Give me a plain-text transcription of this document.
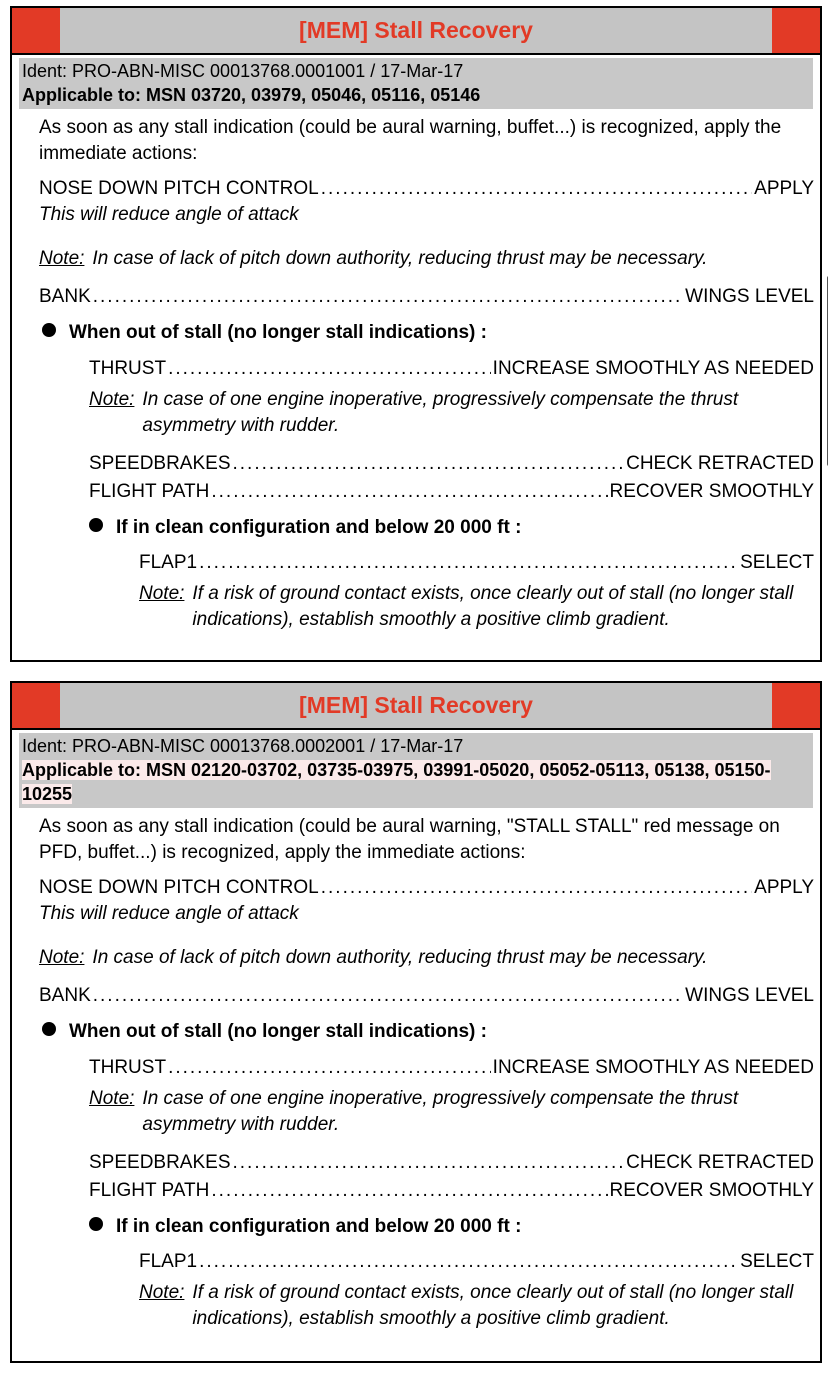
[MEM] Stall Recovery
Ident: PRO-ABN-MISC 00013768.0001001 / 17-Mar-17
Applicable to: MSN 03720, 03979, 05046, 05116, 05146

As soon as any stall indication (could be aural warning, buffet...) is recognized, apply the immediate actions:

NOSE DOWN PITCH CONTROL .....	APPLY
This will reduce angle of attack
Note: In case of lack of pitch down authority, reducing thrust may be necessary.
BANK .....	WINGS LEVEL
When out of stall (no longer stall indications) :
THRUST .....	INCREASE SMOOTHLY AS NEEDED
Note: In case of one engine inoperative, progressively compensate the thrust asymmetry with rudder.
SPEEDBRAKES .....	CHECK RETRACTED
FLIGHT PATH .....	RECOVER SMOOTHLY
If in clean configuration and below 20 000 ft :
FLAP1 .....	SELECT
Note: If a risk of ground contact exists, once clearly out of stall (no longer stall indications), establish smoothly a positive climb gradient.
[MEM] Stall Recovery
Ident: PRO-ABN-MISC 00013768.0002001 / 17-Mar-17
Applicable to: MSN 02120-03702, 03735-03975, 03991-05020, 05052-05113, 05138, 05150-10255

As soon as any stall indication (could be aural warning, "STALL STALL" red message on PFD, buffet...) is recognized, apply the immediate actions:

NOSE DOWN PITCH CONTROL .....	APPLY
This will reduce angle of attack
Note: In case of lack of pitch down authority, reducing thrust may be necessary.
BANK .....	WINGS LEVEL
When out of stall (no longer stall indications) :
THRUST .....	INCREASE SMOOTHLY AS NEEDED
Note: In case of one engine inoperative, progressively compensate the thrust asymmetry with rudder.
SPEEDBRAKES .....	CHECK RETRACTED
FLIGHT PATH .....	RECOVER SMOOTHLY
If in clean configuration and below 20 000 ft :
FLAP1 .....	SELECT
Note: If a risk of ground contact exists, once clearly out of stall (no longer stall indications), establish smoothly a positive climb gradient.
